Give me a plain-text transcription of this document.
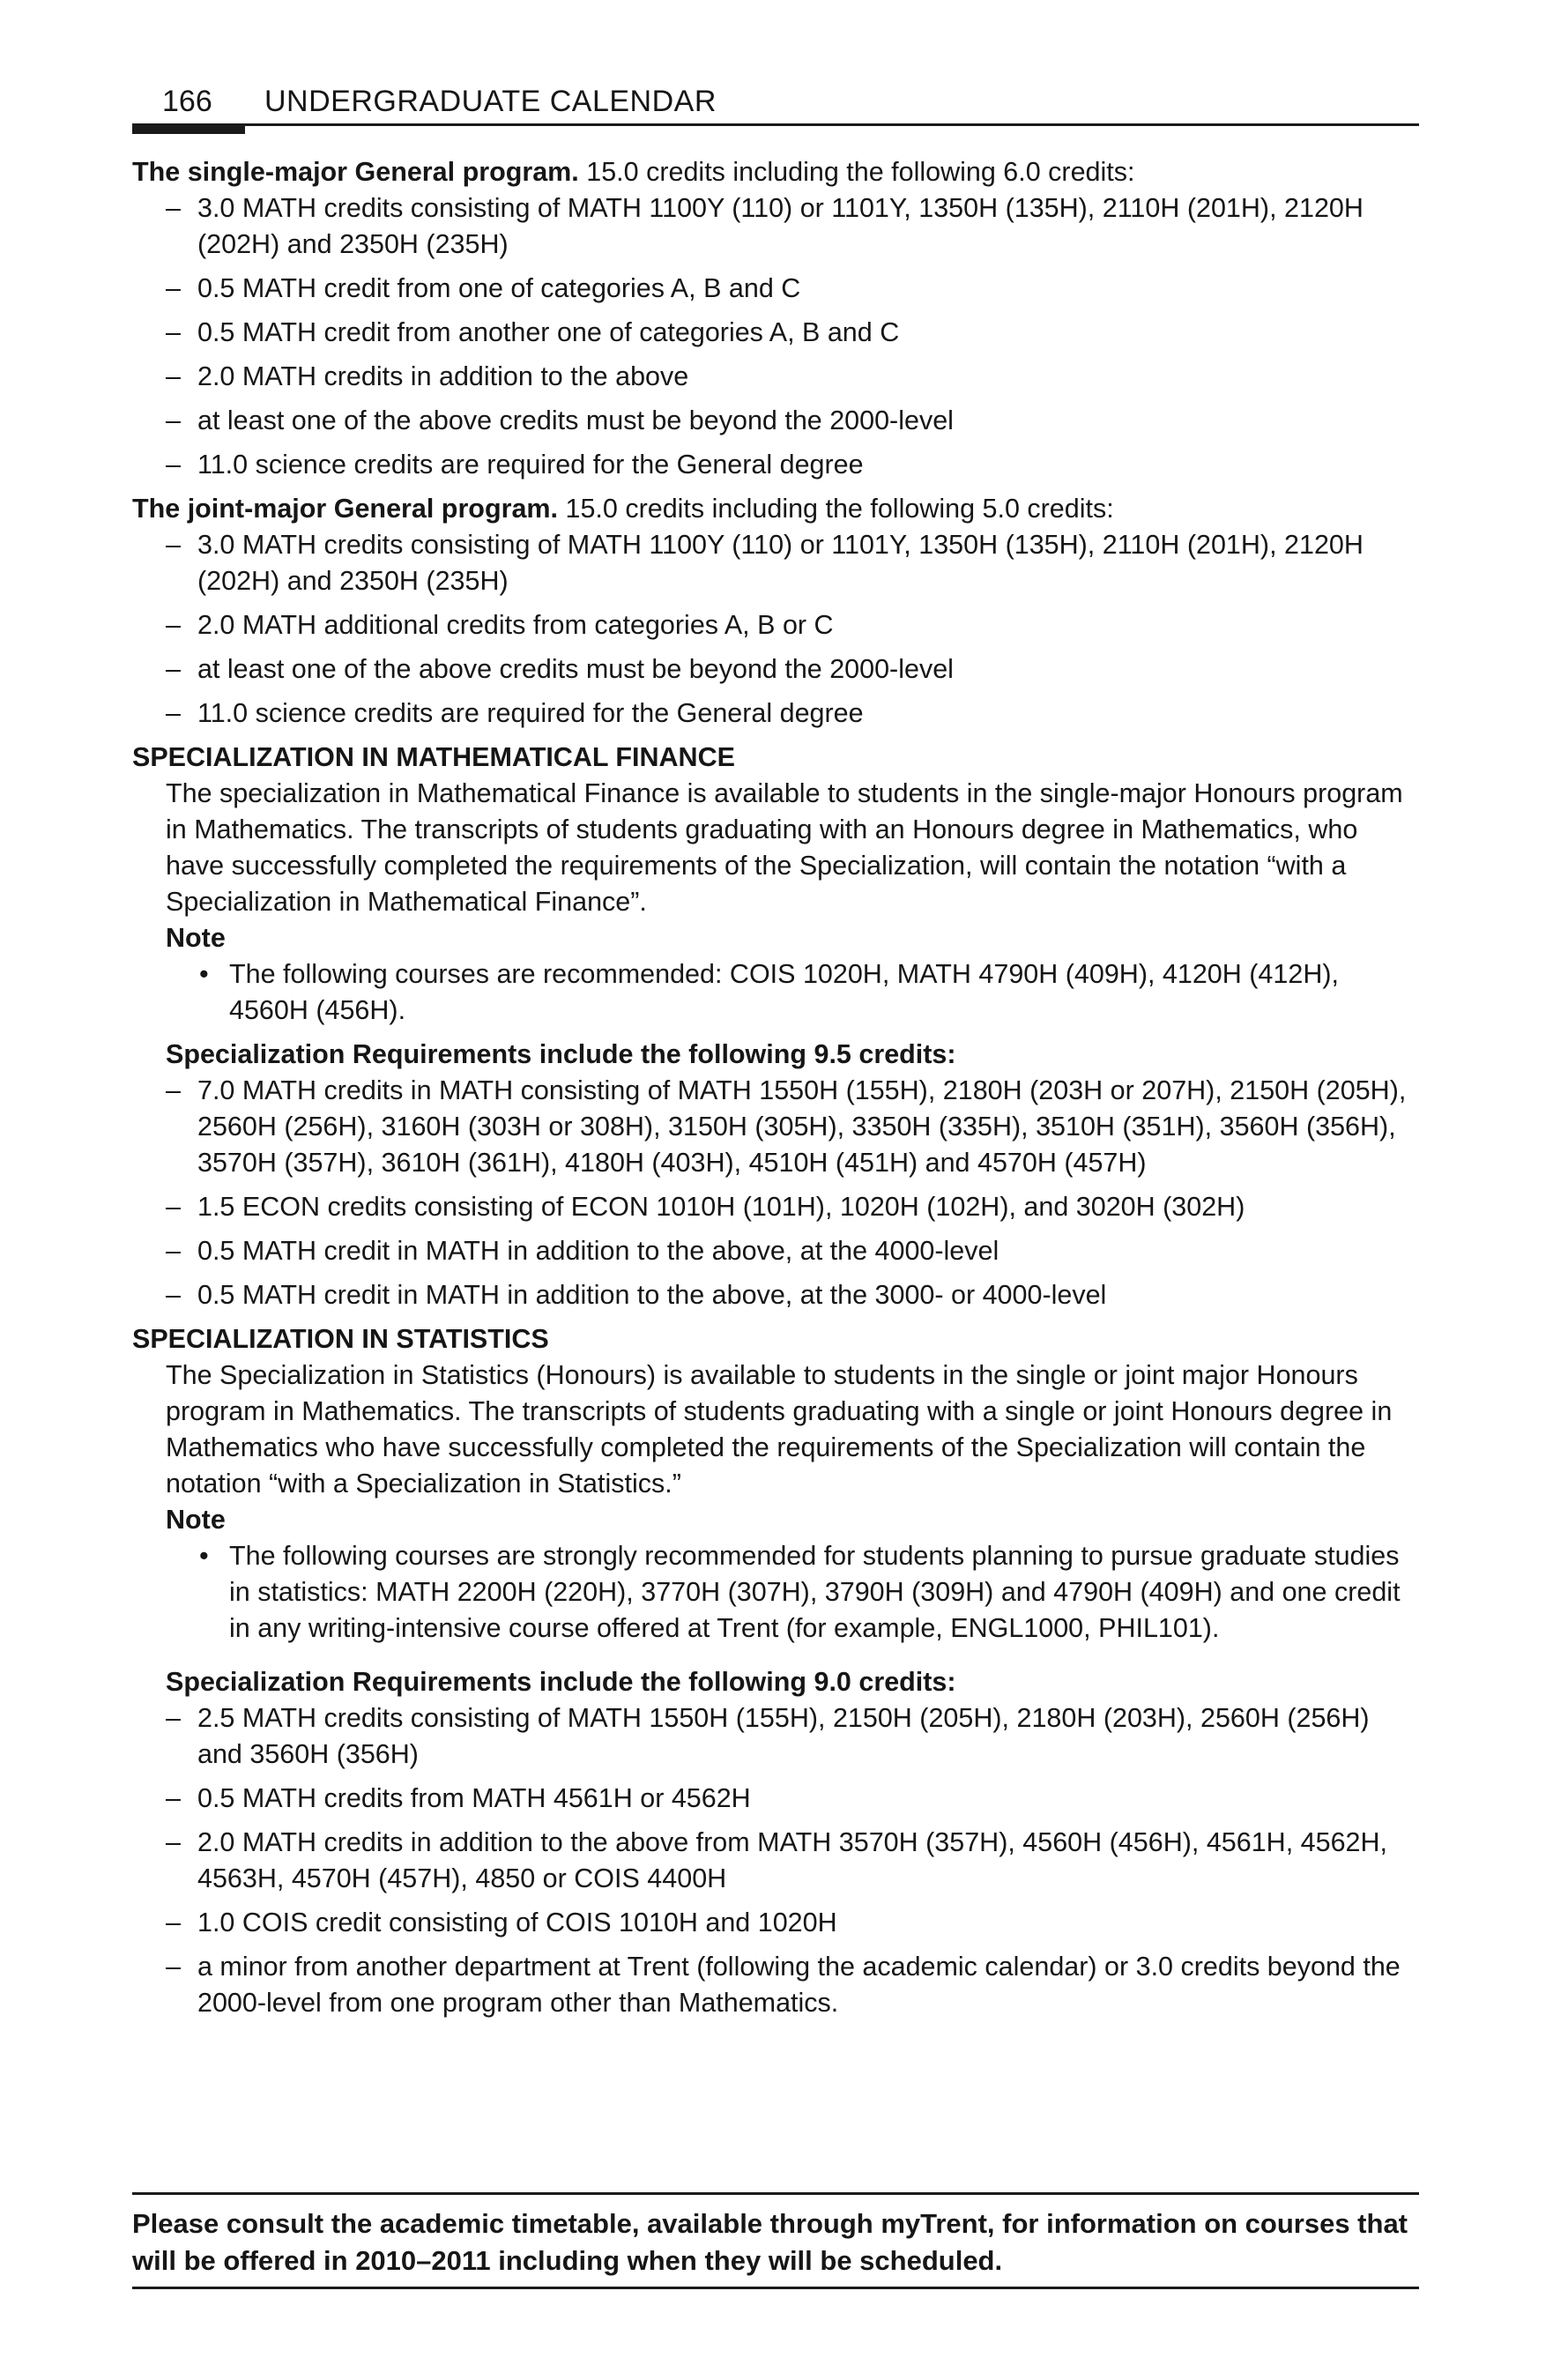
166 UNDERGRADUATE CALENDAR

The single-major General program. 15.0 credits including the following 6.0 credits:

– 3.0 MATH credits consisting of MATH 1100Y (110) or 1101Y, 1350H (135H), 2110H (201H), 2120H (202H) and 2350H (235H)
– 0.5 MATH credit from one of categories A, B and C
– 0.5 MATH credit from another one of categories A, B and C
– 2.0 MATH credits in addition to the above
– at least one of the above credits must be beyond the 2000-level
– 11.0 science credits are required for the General degree

The joint-major General program. 15.0 credits including the following 5.0 credits:

– 3.0 MATH credits consisting of MATH 1100Y (110) or 1101Y, 1350H (135H), 2110H (201H), 2120H (202H) and 2350H (235H)
– 2.0 MATH additional credits from categories A, B or C
– at least one of the above credits must be beyond the 2000-level
– 11.0 science credits are required for the General degree

SPECIALIZATION IN MATHEMATICAL FINANCE

The specialization in Mathematical Finance is available to students in the single-major Honours program in Mathematics. The transcripts of students graduating with an Honours degree in Mathematics, who have successfully completed the requirements of the Specialization, will contain the notation “with a Specialization in Mathematical Finance”.

Note

• The following courses are recommended: COIS 1020H, MATH 4790H (409H), 4120H (412H), 4560H (456H).

Specialization Requirements include the following 9.5 credits:

– 7.0 MATH credits in MATH consisting of MATH 1550H (155H), 2180H (203H or 207H), 2150H (205H), 2560H (256H), 3160H (303H or 308H), 3150H (305H), 3350H (335H), 3510H (351H), 3560H (356H), 3570H (357H), 3610H (361H), 4180H (403H), 4510H (451H) and 4570H (457H)
– 1.5 ECON credits consisting of ECON 1010H (101H), 1020H (102H), and 3020H (302H)
– 0.5 MATH credit in MATH in addition to the above, at the 4000-level
– 0.5 MATH credit in MATH in addition to the above, at the 3000- or 4000-level

SPECIALIZATION IN STATISTICS

The Specialization in Statistics (Honours) is available to students in the single or joint major Honours program in Mathematics. The transcripts of students graduating with a single or joint Honours degree in Mathematics who have successfully completed the requirements of the Specialization will contain the notation “with a Specialization in Statistics.”

Note

• The following courses are strongly recommended for students planning to pursue graduate studies in statistics: MATH 2200H (220H), 3770H (307H), 3790H (309H) and 4790H (409H) and one credit in any writing-intensive course offered at Trent (for example, ENGL1000, PHIL101).

Specialization Requirements include the following 9.0 credits:

– 2.5 MATH credits consisting of MATH 1550H (155H), 2150H (205H), 2180H (203H), 2560H (256H) and 3560H (356H)
– 0.5 MATH credits from MATH 4561H or 4562H
– 2.0 MATH credits in addition to the above from MATH 3570H (357H), 4560H (456H), 4561H, 4562H, 4563H, 4570H (457H), 4850 or COIS 4400H
– 1.0 COIS credit consisting of COIS 1010H and 1020H
– a minor from another department at Trent (following the academic calendar) or 3.0 credits beyond the 2000-level from one program other than Mathematics.
Please consult the academic timetable, available through myTrent, for information on courses that will be offered in 2010–2011 including when they will be scheduled.
